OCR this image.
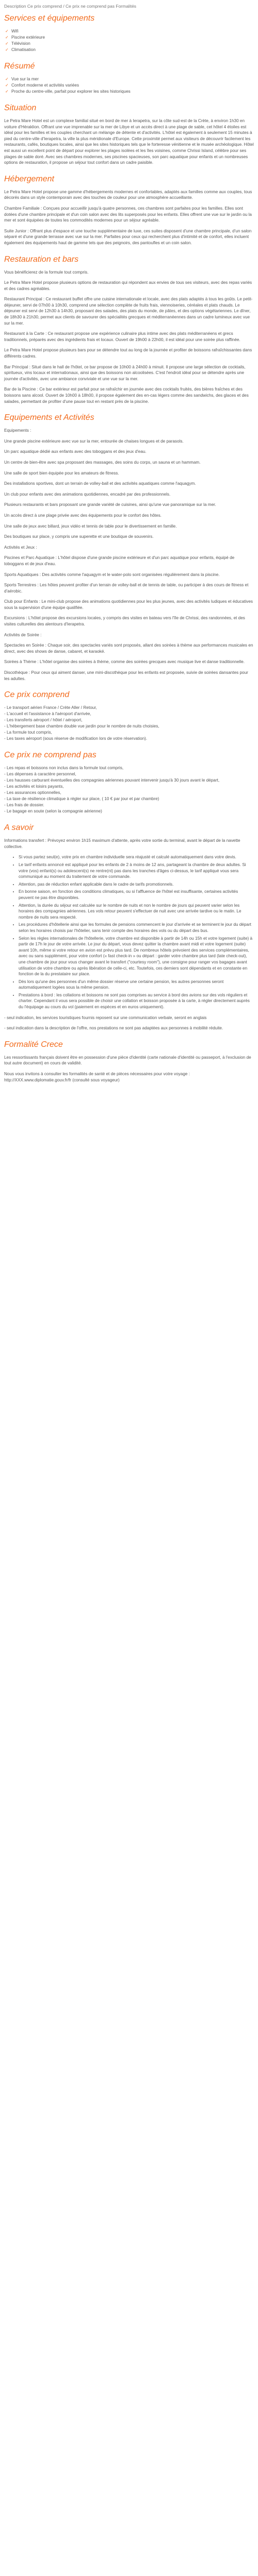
Description Ce prix comprend / Ce prix ne comprend pas Formalités
Services et équipements
✓ Wifi
✓ Piscine extérieure
✓ Télévision
✓ Climatisation
Résumé
✓ Vue sur la mer
✓ Confort moderne et activités variées
✓ Proche du centre-ville, parfait pour explorer les sites historiques
Situation

Le Petra Mare Hotel est un complexe familial situé en bord de mer à Ierapetra, sur la côte sud-est de la Crète, à environ 1h30 en voiture d'Héraklion. Offrant une vue imprenable sur la mer de Libye et un accès direct à une plage de sable, cet hôtel 4 étoiles est idéal pour les familles et les couples cherchant un mélange de détente et d'activités. L'hôtel est également à seulement 15 minutes à pied du centre-ville d'Ierapetra, la ville la plus méridionale d'Europe. Cette proximité permet aux visiteurs de découvrir facilement les restaurants, cafés, boutiques locales, ainsi que les sites historiques tels que le forteresse vénitienne et le musée archéologique. Hôtel est aussi un excellent point de départ pour explorer les plages isolées et les îles voisines, comme Chrissi Island, célèbre pour ses plages de sable doré. Avec ses chambres modernes, ses piscines spacieuses, son parc aquatique pour enfants et un nombreuses options de restauration, il propose un séjour tout confort dans un cadre paisible.

Hébergement

Le Petra Mare Hotel propose une gamme d'hébergements modernes et confortables, adaptés aux familles comme aux couples, tous décorés dans un style contemporain avec des touches de couleur pour une atmosphère accueillante.

Chambre Familiale : Conçues pour accueillir jusqu'à quatre personnes, ces chambres sont parfaites pour les familles. Elles sont dotées d'une chambre principale et d'un coin salon avec des lits superposés pour les enfants. Elles offrent une vue sur le jardin ou la mer et sont équipées de toutes les commodités modernes pour un séjour agréable.

Suite Junior : Offrant plus d'espace et une touche supplémentaire de luxe, ces suites disposent d'une chambre principale, d'un salon séparé et d'une grande terrasse avec vue sur la mer. Parfaites pour ceux qui recherchent plus d'intimité et de confort, elles incluent également des équipements haut de gamme tels que des peignoirs, des pantoufles et un coin salon.

Restauration et bars

Vous bénéficierez de la formule tout compris.

Le Petra Mare Hotel propose plusieurs options de restauration qui répondent aux envies de tous ses visiteurs, avec des repas variés et des cadres agréables.

Restaurant Principal : Ce restaurant buffet offre une cuisine internationale et locale, avec des plats adaptés à tous les goûts. Le petit-déjeuner, servi de 07h00 à 10h30, comprend une sélection complète de fruits frais, viennoiseries, céréales et plats chauds. Le déjeuner est servi de 12h30 à 14h30, proposant des salades, des plats du monde, de pâtes, et des options végétariennes. Le dîner, de 18h30 à 21h30, permet aux clients de savourer des spécialités grecques et méditerranéennes dans un cadre lumineux avec vue sur la mer.

Restaurant à la Carte : Ce restaurant propose une expérience culinaire plus intime avec des plats méditerranéens et grecs traditionnels, préparés avec des ingrédients frais et locaux. Ouvert de 19h00 à 22h00, il est idéal pour une soirée plus raffinée.

Le Petra Mare Hotel propose plusieurs bars pour se détendre tout au long de la journée et profiter de boissons rafraîchissantes dans différents cadres.

Bar Principal : Situé dans le hall de l'hôtel, ce bar propose de 10h00 à 24h00 à minuit. Il propose une large sélection de cocktails, spiritueux, vins locaux et internationaux, ainsi que des boissons non alcoolisées. C'est l'endroit idéal pour se détendre après une journée d'activités, avec une ambiance conviviale et une vue sur la mer.

Bar de la Piscine : Ce bar extérieur est parfait pour se rafraîchir en journée avec des cocktails fruités, des bières fraîches et des boissons sans alcool. Ouvert de 10h00 à 18h00, il propose également des en-cas légers comme des sandwichs, des glaces et des salades, permettant de profiter d'une pause tout en restant près de la piscine.

Equipements et Activités

Equipements :

Une grande piscine extérieure avec vue sur la mer, entourée de chaises longues et de parasols.

Un parc aquatique dédié aux enfants avec des toboggans et des jeux d'eau.

Un centre de bien-être avec spa proposant des massages, des soins du corps, un sauna et un hammam.

Une salle de sport bien équipée pour les amateurs de fitness.

Des installations sportives, dont un terrain de volley-ball et des activités aquatiques comme l'aquagym.

Un club pour enfants avec des animations quotidiennes, encadré par des professionnels.

Plusieurs restaurants et bars proposant une grande variété de cuisines, ainsi qu'une vue panoramique sur la mer.

Un accès direct à une plage privée avec des équipements pour le confort des hôtes.

Une salle de jeux avec billard, jeux vidéo et tennis de table pour le divertissement en famille.

Des boutiques sur place, y compris une superette et une boutique de souvenirs.

Activités et Jeux :

Piscines et Parc Aquatique : L'hôtel dispose d'une grande piscine extérieure et d'un parc aquatique pour enfants, équipé de toboggans et de jeux d'eau.

Sports Aquatiques : Des activités comme l'aquagym et le water-polo sont organisées régulièrement dans la piscine.

Sports Terrestres : Les hôtes peuvent profiter d'un terrain de volley-ball et de tennis de table, ou participer à des cours de fitness et d'aérobic.

Club pour Enfants : Le mini-club propose des animations quotidiennes pour les plus jeunes, avec des activités ludiques et éducatives sous la supervision d'une équipe qualifiée.

Excursions : L'hôtel propose des excursions locales, y compris des visites en bateau vers l'île de Chrissi, des randonnées, et des visites culturelles des alentours d'Ierapetra.

Activités de Soirée :

Spectacles en Soirée : Chaque soir, des spectacles variés sont proposés, allant des soirées à thème aux performances musicales en direct, avec des shows de danse, cabaret, et karaoké.

Soirées à Thème : L'hôtel organise des soirées à thème, comme des soirées grecques avec musique live et danse traditionnelle.

Discothèque : Pour ceux qui aiment danser, une mini-discothèque pour les enfants est proposée, suivie de soirées dansantes pour les adultes.

Ce prix comprend
- Le transport aérien France / Crète Aller / Retour,
- L'accueil et l'assistance à l'aéroport d'arrivée,
- Les transferts aéroport / hôtel / aéroport,
- L'hébergement base chambre double vue jardin pour le nombre de nuits choisies,
- La formule tout compris,
- Les taxes aéroport (sous réserve de modification lors de votre réservation).
Ce prix ne comprend pas
- Les repas et boissons non inclus dans la formule tout compris,
- Les dépenses à caractère personnel,
- Les hausses carburant éventuelles des compagnies aériennes pouvant intervenir jusqu'à 30 jours avant le départ,
- Les activités et loisirs payants,
- Les assurances optionnelles,
- La taxe de résilience climatique à régler sur place, ( 10 € par jour et par chambre)
- Les frais de dossier.
- Le bagage en soute (selon la compagnie aérienne)
A savoir

Informations transfert : Prévoyez environ 1h15 maximum d'attente, après votre sortie du terminal, avant le départ de la navette collective.

• Si vous partez seul(e), votre prix en chambre individuelle sera réajusté et calculé automatiquement dans votre devis.
• Le tarif enfants annoncé est appliqué pour les enfants de 2 à moins de 12 ans, partageant la chambre de deux adultes. Si votre (vos) enfant(s) ou adolescent(s) ne rentre(nt) pas dans les tranches d'âges ci-dessus, le tarif appliqué vous sera communiqué au moment du traitement de votre commande.
• Attention, pas de réduction enfant applicable dans le cadre de tarifs promotionnels.
• En bonne saison, en fonction des conditions climatiques, ou si l'affluence de l'hôtel est insuffisante, certaines activités peuvent ne pas être disponibles.
• Attention, la durée du séjour est calculée sur le nombre de nuits et non le nombre de jours qui peuvent varier selon les horaires des compagnies aériennes. Les vols retour peuvent s'effectuer de nuit avec une arrivée tardive ou le matin. Le nombre de nuits sera respecté.
• Les procédures d'hôtellerie ainsi que les formules de pensions commencent le jour d'arrivée et se terminent le jour du départ selon les horaires choisis par l'hôtelier, sans tenir compte des horaires des vols ou du départ des bus.
• Selon les règles internationales de l'hôtellerie, votre chambre est disponible à partir de 14h ou 15h et votre logement (suite) à partir de 17h le jour de votre arrivée. Le jour du départ, vous devez quitter la chambre avant midi et votre logement (suite) avant 10h, même si votre retour en avion est prévu plus tard. De nombreux hôtels prévoient des services complémentaires, avec ou sans supplément, pour votre confort (« fast check-in » ou départ : garder votre chambre plus tard (late check-out), une chambre de jour pour vous changer avant le transfert ("courtesy room"), une consigne pour ranger vos bagages avant utilisation de votre chambre ou après libération de celle-ci, etc. Toutefois, ces derniers sont dépendants et en constante en fonction de la du prestataire sur place.
• Dès lors qu'une des personnes d'un même dossier réserve une certaine pension, les autres personnes seront automatiquement logées sous la même pension.
• Prestations à bord : les collations et boissons ne sont pas comprises au service à bord des avions sur des vols réguliers et charter. Cependant il vous sera possible de choisir une collation et boisson proposée à la carte, à régler directement auprès du l'équipage au cours du vol (paiement en espèces et en euros uniquement).

- seul indication, les services touristiques fournis reposent sur une communication verbale, seront en anglais

- seul indication dans la description de l'offre, nos prestations ne sont pas adaptées aux personnes à mobilité réduite.

Formalité Crece

Les ressortissants français doivent être en possession d'une pièce d'identité (carte nationale d'identité ou passeport, à l'exclusion de tout autre document) en cours de validité.

Nous vous invitons à consulter les formalités de santé et de pièces nécessaires pour votre voyage : http://XXX.www.diplomatie.gouv.fr/fr (consulté sous voyageur)
